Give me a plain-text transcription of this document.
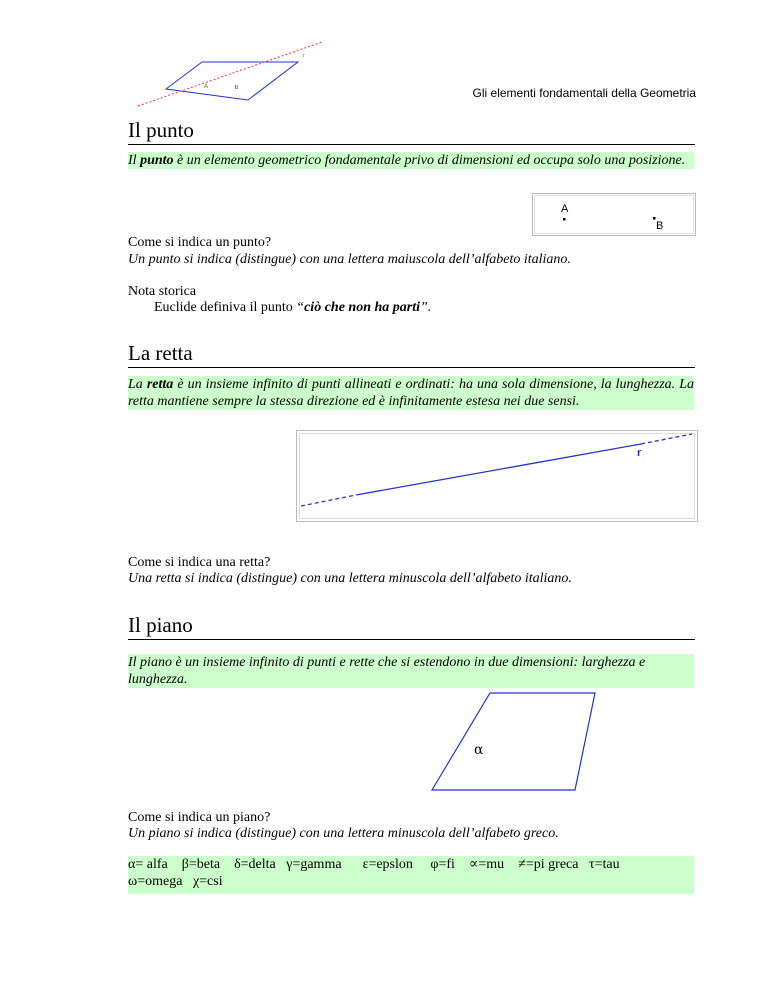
r
A	b	Gli elementi fondamentali della Geometria
Il punto
Il punto è un elemento geometrico fondamentale privo di dimensioni ed occupa solo una posizione.
A
B
Come si indica un punto?
Un punto si indica (distingue) con una lettera maiuscola dell’alfabeto italiano.
Nota storica
Euclide definiva il punto “ciò che non ha parti”.
La retta
La retta è un insieme infinito di punti allineati e ordinati: ha una sola dimensione, la lunghezza. La retta mantiene sempre la stessa direzione ed è infinitamente estesa nei due sensi.
r
Come si indica una retta?
Una retta si indica (distingue) con una lettera minuscola dell’alfabeto italiano.
Il piano
Il piano è un insieme infinito di punti e rette che si estendono in due dimensioni: larghezza e lunghezza.
α
Come si indica un piano?
Un piano si indica (distingue) con una lettera minuscola dell’alfabeto greco.
α= alfa β=beta δ=delta γ=gamma ε=epslon φ=fi ∝=mu ≠=pi greca τ=tau
ω=omega χ=csi
